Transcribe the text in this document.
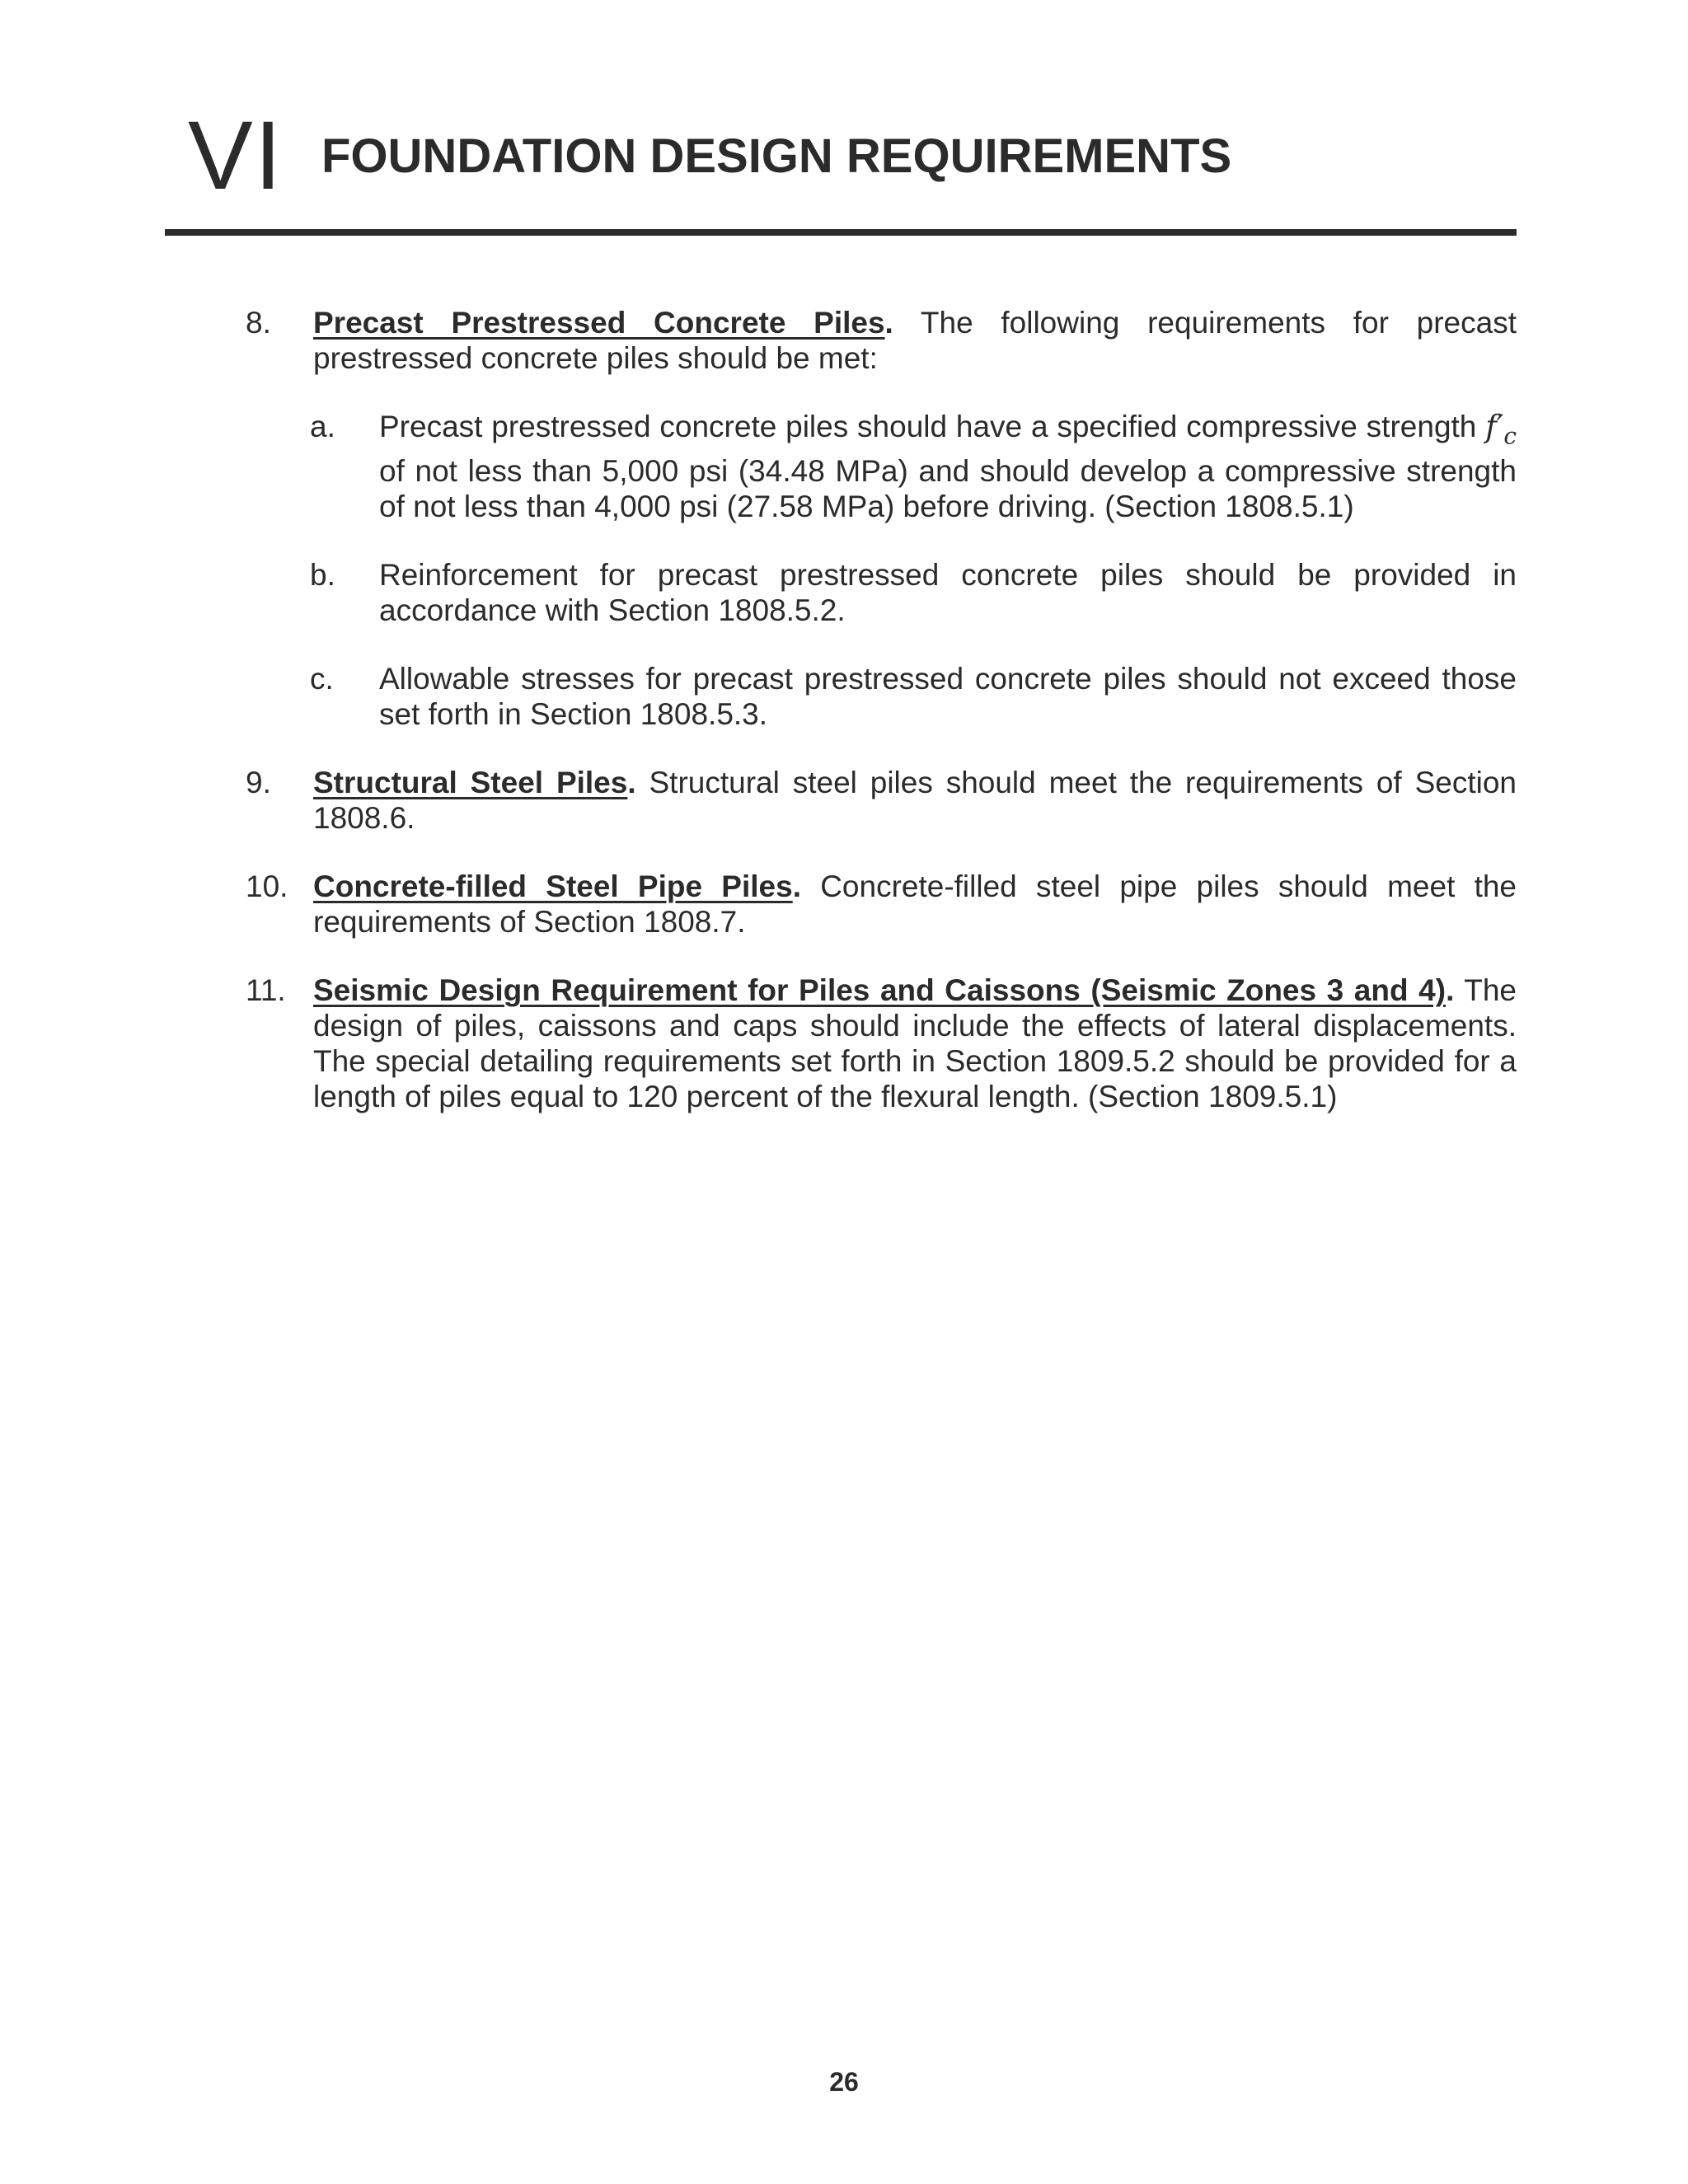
VI FOUNDATION DESIGN REQUIREMENTS
8.	Precast Prestressed Concrete Piles. The following requirements for precast prestressed concrete piles should be met:
a.	Precast prestressed concrete piles should have a specified compressive strength $f'_c$ of not less than 5,000 psi (34.48 MPa) and should develop a compressive strength of not less than 4,000 psi (27.58 MPa) before driving. (Section 1808.5.1)
b.	Reinforcement for precast prestressed concrete piles should be provided in accordance with Section 1808.5.2.
c.	Allowable stresses for precast prestressed concrete piles should not exceed those set forth in Section 1808.5.3.
9.	Structural Steel Piles. Structural steel piles should meet the requirements of Section 1808.6.
10. Concrete-filled Steel Pipe Piles. Concrete-filled steel pipe piles should meet the requirements of Section 1808.7.
11. Seismic Design Requirement for Piles and Caissons (Seismic Zones 3 and 4). The design of piles, caissons and caps should include the effects of lateral displacements. The special detailing requirements set forth in Section 1809.5.2 should be provided for a length of piles equal to 120 percent of the flexural length. (Section 1809.5.1)
26
